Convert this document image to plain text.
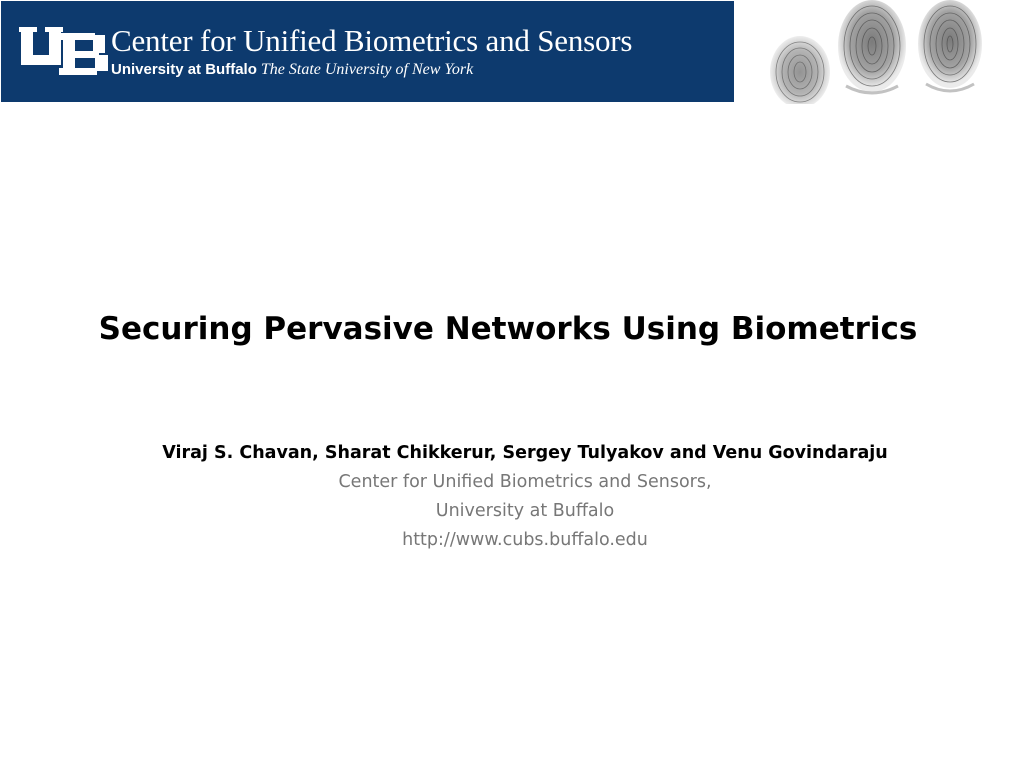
Center for Unified Biometrics and Sensors
University at Buffalo The State University of New York
Securing Pervasive Networks Using Biometrics
Viraj S. Chavan, Sharat Chikkerur, Sergey Tulyakov and Venu Govindaraju
Center for Unified Biometrics and Sensors,
University at Buffalo
http://www.cubs.buffalo.edu
